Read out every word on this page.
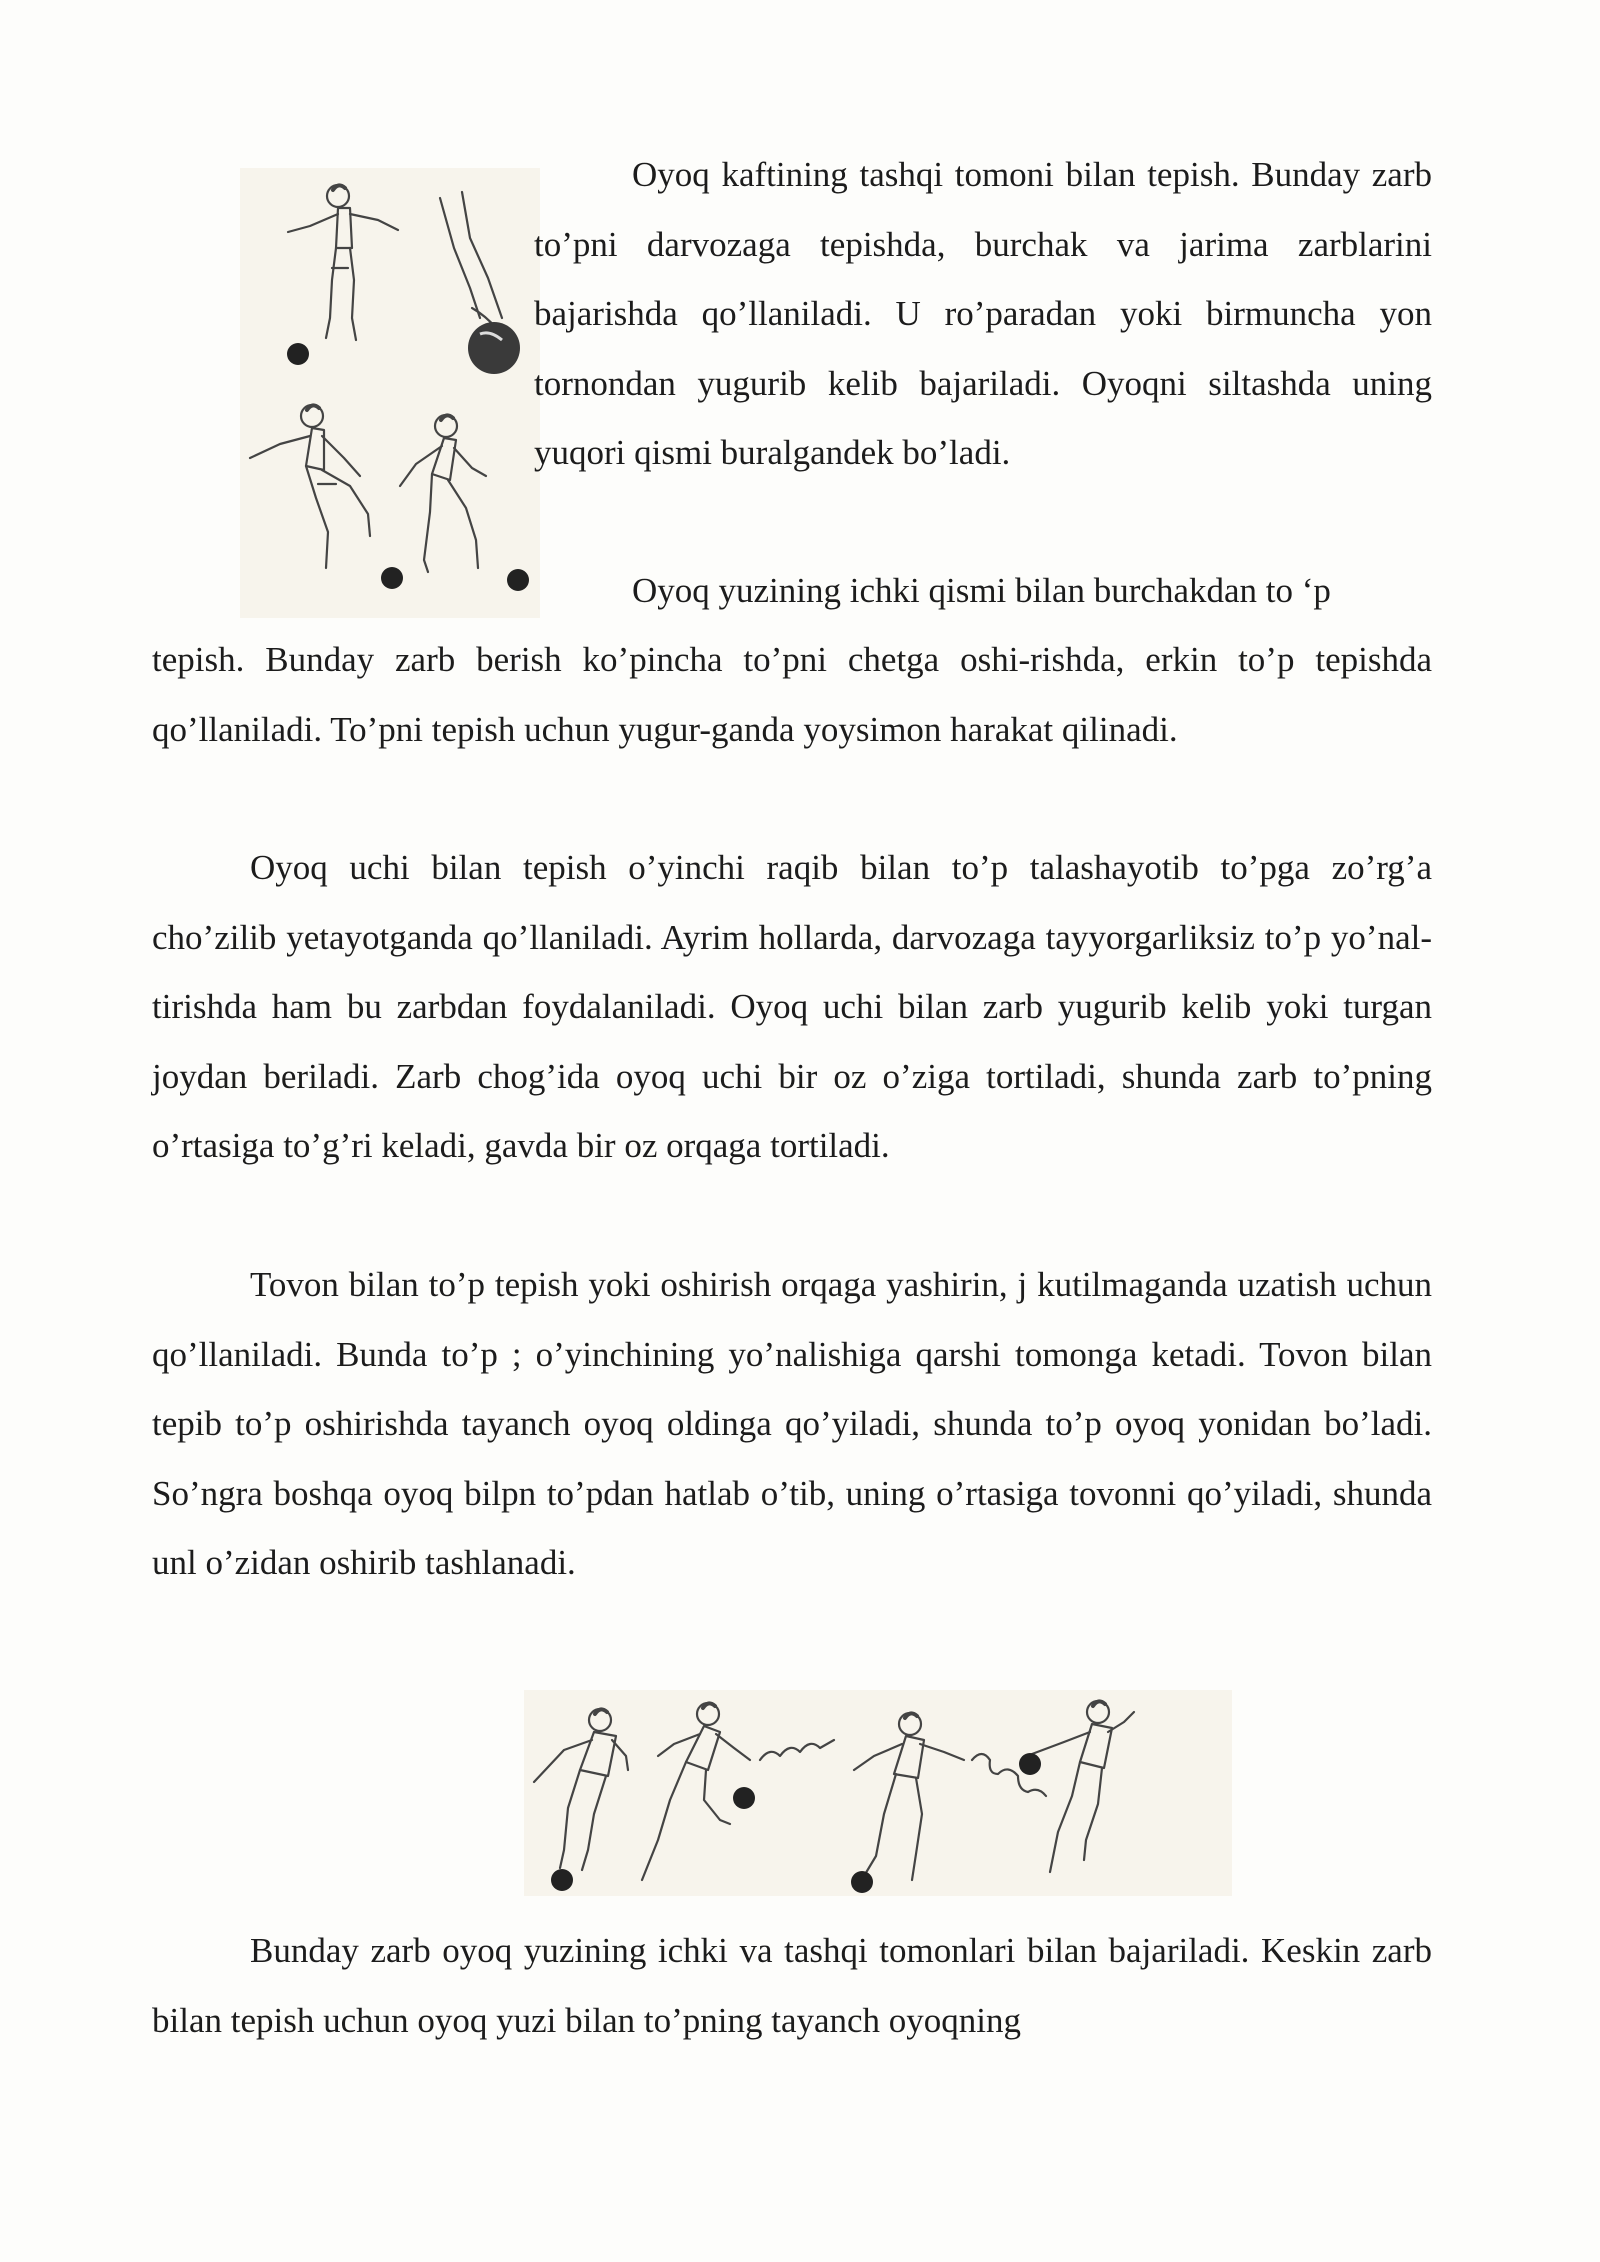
Oyoq kaftining tashqi tomoni bilan tepish. Bunday zarb to’pni darvozaga tepishda, burchak va jarima zarblarini bajarishda qo’llaniladi. U ro’paradan yoki birmuncha yon tornondan yugurib kelib bajariladi. Oyoqni siltashda uning yuqori qismi buralgandek bo’ladi.

Oyoq yuzining ichki qismi bilan burchakdan to ‘p

tepish. Bunday zarb berish ko’pincha to’pni chetga oshi-rishda, erkin to’p tepishda qo’llaniladi. To’pni tepish uchun yugur-ganda yoysimon harakat qilinadi.

Oyoq uchi bilan tepish o’yinchi raqib bilan to’p talashayotib to’pga zo’rg’a cho’zilib yetayotganda qo’llaniladi. Ayrim hollarda, darvozaga tayyorgarliksiz to’p yo’nal-tirishda ham bu zarbdan foydalaniladi. Oyoq uchi bilan zarb yugurib kelib yoki turgan joydan beriladi. Zarb chog’ida oyoq uchi bir oz o’ziga tortiladi, shunda zarb to’pning o’rtasiga to’g’ri keladi, gavda bir oz orqaga tortiladi.

Tovon bilan to’p tepish yoki oshirish orqaga yashirin, j kutilmaganda uzatish uchun qo’llaniladi. Bunda to’p ; o’yinchining yo’nalishiga qarshi tomonga ketadi. Tovon bilan tepib to’p oshirishda tayanch oyoq oldinga qo’yiladi, shunda to’p oyoq yonidan bo’ladi. So’ngra boshqa oyoq bilpn to’pdan hatlab o’tib, uning o’rtasiga tovonni qo’yiladi, shunda unl o’zidan oshirib tashlanadi.

Bunday zarb oyoq yuzining ichki va tashqi tomonlari bilan bajariladi. Keskin zarb bilan tepish uchun oyoq yuzi bilan to’pning tayanch oyoqning
